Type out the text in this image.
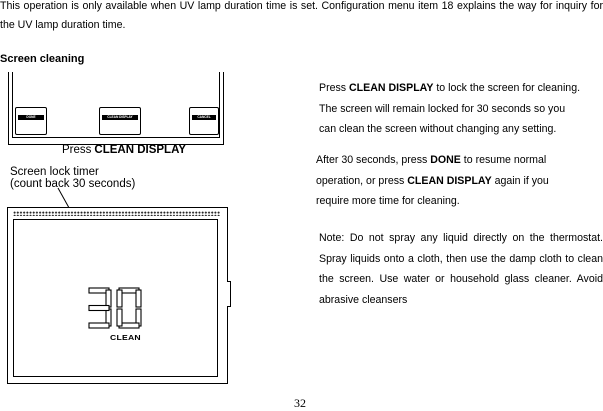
This operation is only available when UV lamp duration time is set. Configuration menu item 18 explains the way for inquiry for the UV lamp duration time.
Screen cleaning
DONE	CLEAN DISPLAY	CANCEL
Press CLEAN DISPLAY
Screen lock timer
(count back 30 seconds)
CLEAN
Press CLEAN DISPLAY to lock the screen for cleaning.
The screen will remain locked for 30 seconds so you
can clean the screen without changing any setting.
After 30 seconds, press DONE to resume normal
operation, or press CLEAN DISPLAY again if you
require more time for cleaning.
Note: Do not spray any liquid directly on the thermostat. Spray liquids onto a cloth, then use the damp cloth to clean the screen. Use water or household glass cleaner. Avoid abrasive cleansers
32
